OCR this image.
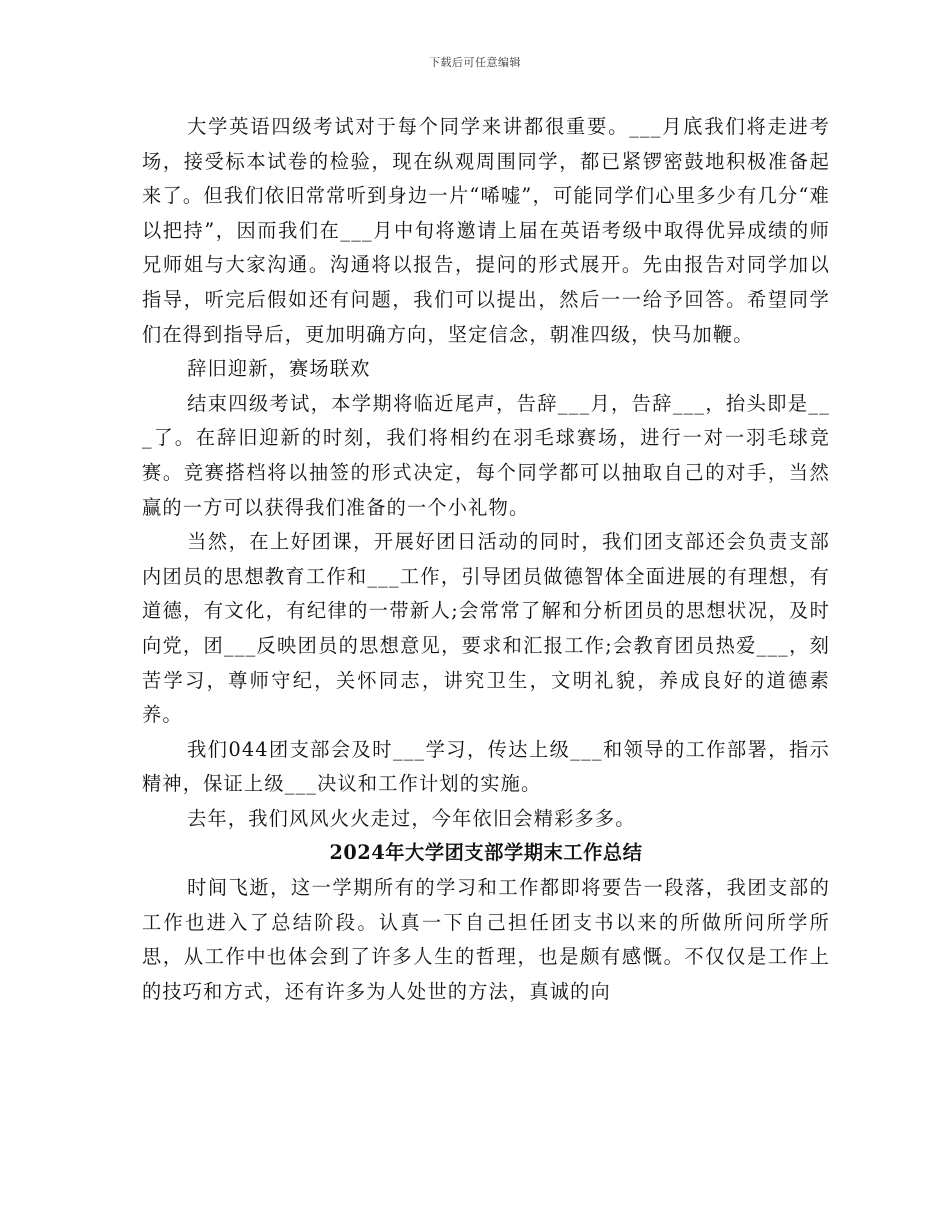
下载后可任意编辑

大学英语四级考试对于每个同学来讲都很重要。___月底我们将走进考场，接受标本试卷的检验，现在纵观周围同学，都已紧锣密鼓地积极准备起来了。但我们依旧常常听到身边一片“唏嘘”，可能同学们心里多少有几分“难以把持”，因而我们在___月中旬将邀请上届在英语考级中取得优异成绩的师兄师姐与大家沟通。沟通将以报告，提问的形式展开。先由报告对同学加以指导，听完后假如还有问题，我们可以提出，然后一一给予回答。希望同学们在得到指导后，更加明确方向，坚定信念，朝准四级，快马加鞭。

辞旧迎新，赛场联欢

结束四级考试，本学期将临近尾声，告辞___月，告辞___，抬头即是___了。在辞旧迎新的时刻，我们将相约在羽毛球赛场，进行一对一羽毛球竞赛。竞赛搭档将以抽签的形式决定，每个同学都可以抽取自己的对手，当然赢的一方可以获得我们准备的一个小礼物。

当然，在上好团课，开展好团日活动的同时，我们团支部还会负责支部内团员的思想教育工作和___工作，引导团员做德智体全面进展的有理想，有道德，有文化，有纪律的一带新人;会常常了解和分析团员的思想状况，及时向党，团___反映团员的思想意见，要求和汇报工作;会教育团员热爱___，刻苦学习，尊师守纪，关怀同志，讲究卫生，文明礼貌，养成良好的道德素养。

我们044团支部会及时___学习，传达上级___和领导的工作部署，指示精神，保证上级___决议和工作计划的实施。

去年，我们风风火火走过，今年依旧会精彩多多。

2024年大学团支部学期末工作总结

时间飞逝，这一学期所有的学习和工作都即将要告一段落，我团支部的工作也进入了总结阶段。认真一下自己担任团支书以来的所做所问所学所思，从工作中也体会到了许多人生的哲理，也是颇有感慨。不仅仅是工作上的技巧和方式，还有许多为人处世的方法，真诚的向
